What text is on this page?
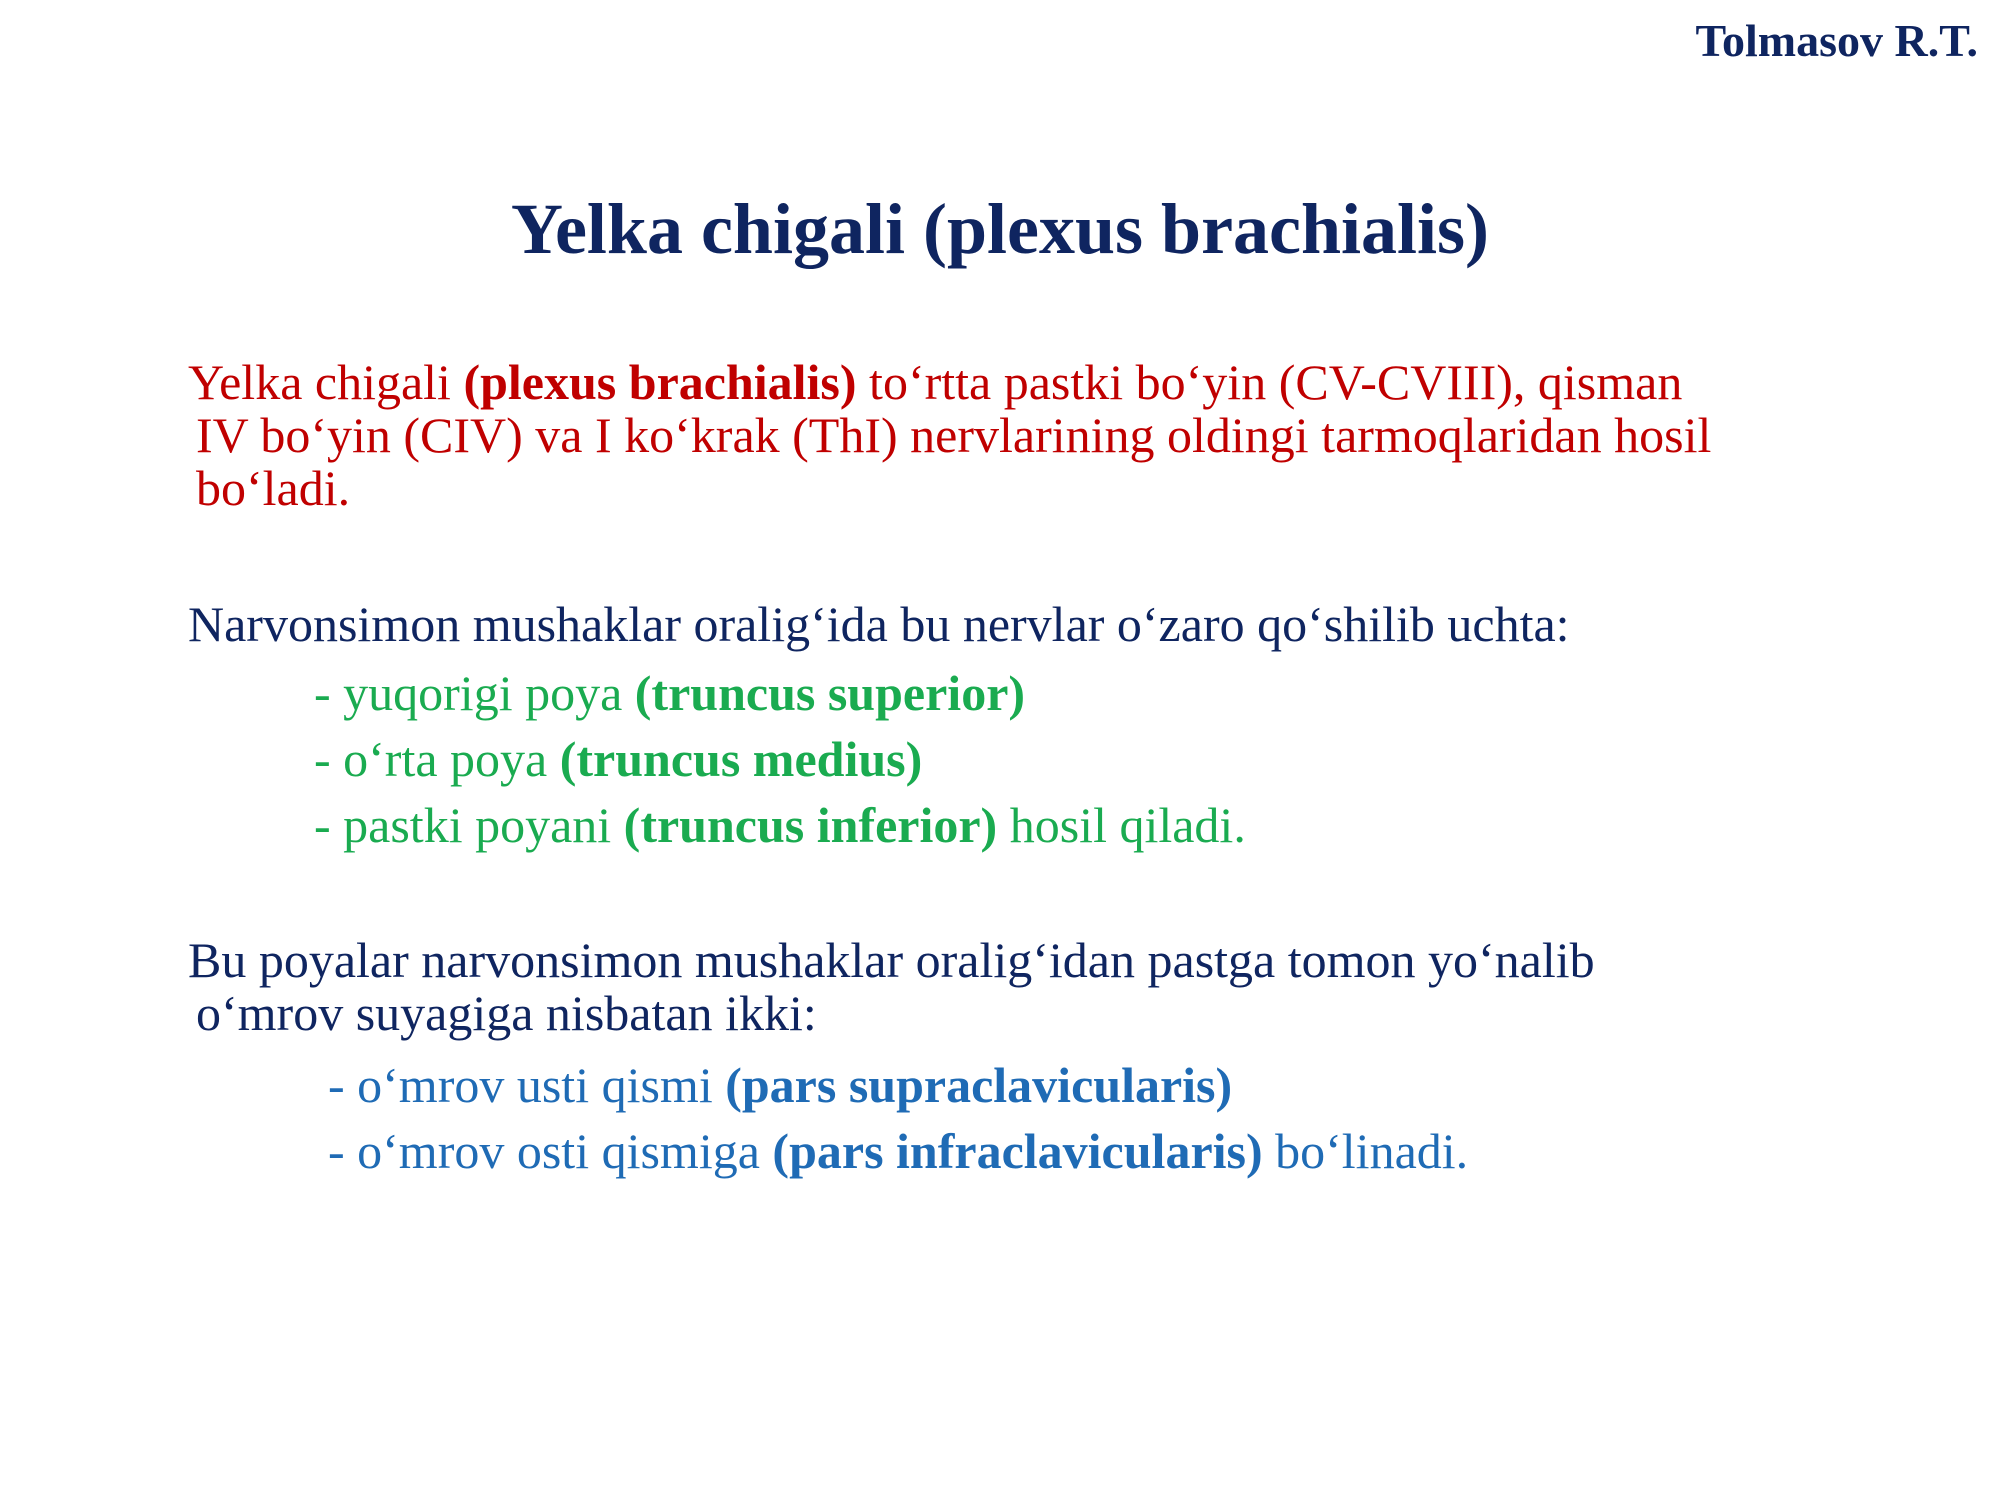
Tolmasov R.T.
Yelka chigali (plexus brachialis)
Yelka chigali (plexus brachialis) to‘rtta pastki bo‘yin (CV-CVIII), qisman
IV bo‘yin (CIV) va I ko‘krak (ThI) nervlarining oldingi tarmoqlaridan hosil
bo‘ladi.
Narvonsimon mushaklar oralig‘ida bu nervlar o‘zaro qo‘shilib uchta:
- yuqorigi poya (truncus superior)
- o‘rta poya (truncus medius)
- pastki poyani (truncus inferior) hosil qiladi.
Bu poyalar narvonsimon mushaklar oralig‘idan pastga tomon yo‘nalib
o‘mrov suyagiga nisbatan ikki:
- o‘mrov usti qismi (pars supraclavicularis)
- o‘mrov osti qismiga (pars infraclavicularis) bo‘linadi.
